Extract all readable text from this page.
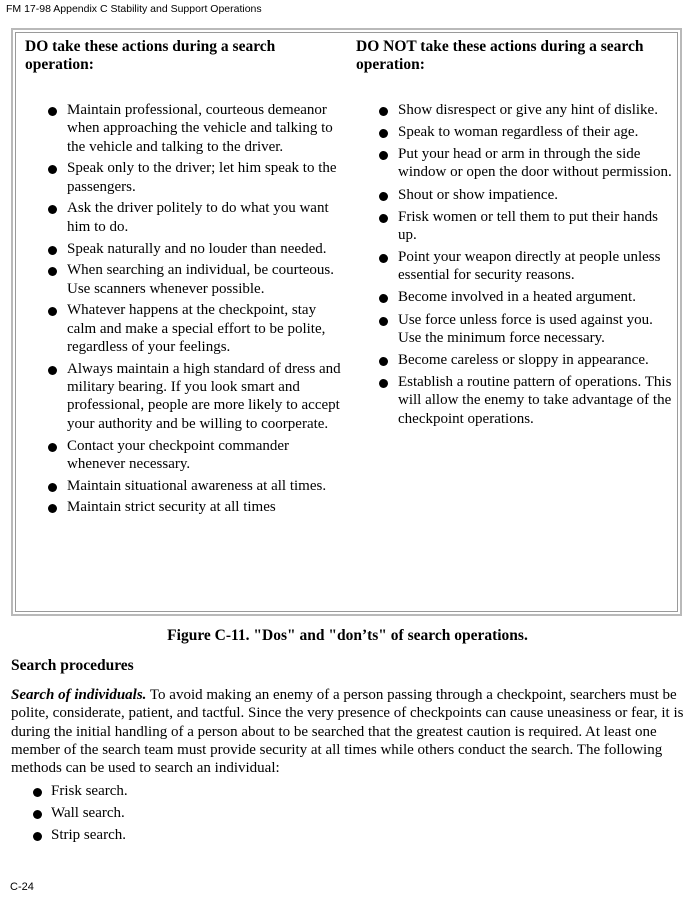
FM 17-98 Appendix C Stability and Support Operations

DO take these actions during a search operation:

Maintain professional, courteous demeanor when approaching the vehicle and talking to the vehicle and talking to the driver.
Speak only to the driver; let him speak to the passengers.
Ask the driver politely to do what you want him to do.
Speak naturally and no louder than needed.
When searching an individual, be courteous. Use scanners whenever possible.
Whatever happens at the checkpoint, stay calm and make a special effort to be polite, regardless of your feelings.
Always maintain a high standard of dress and military bearing. If you look smart and professional, people are more likely to accept your authority and be willing to coorperate.
Contact your checkpoint commander whenever necessary.
Maintain situational awareness at all times.
Maintain strict security at all times

DO NOT take these actions during a search operation:

Show disrespect or give any hint of dislike.
Speak to woman regardless of their age.
Put your head or arm in through the side window or open the door without permission.
Shout or show impatience.
Frisk women or tell them to put their hands up.
Point your weapon directly at people unless essential for security reasons.
Become involved in a heated argument.
Use force unless force is used against you. Use the minimum force necessary.
Become careless or sloppy in appearance.
Establish a routine pattern of operations. This will allow the enemy to take advantage of the checkpoint operations.
Figure C-11. "Dos" and "don’ts" of search operations.
Search procedures

Search of individuals. To avoid making an enemy of a person passing through a checkpoint, searchers must be polite, considerate, patient, and tactful. Since the very presence of checkpoints can cause uneasiness or fear, it is during the initial handling of a person about to be searched that the greatest caution is required. At least one member of the search team must provide security at all times while others conduct the search. The following methods can be used to search an individual:

Frisk search.
Wall search.
Strip search.
C-24
